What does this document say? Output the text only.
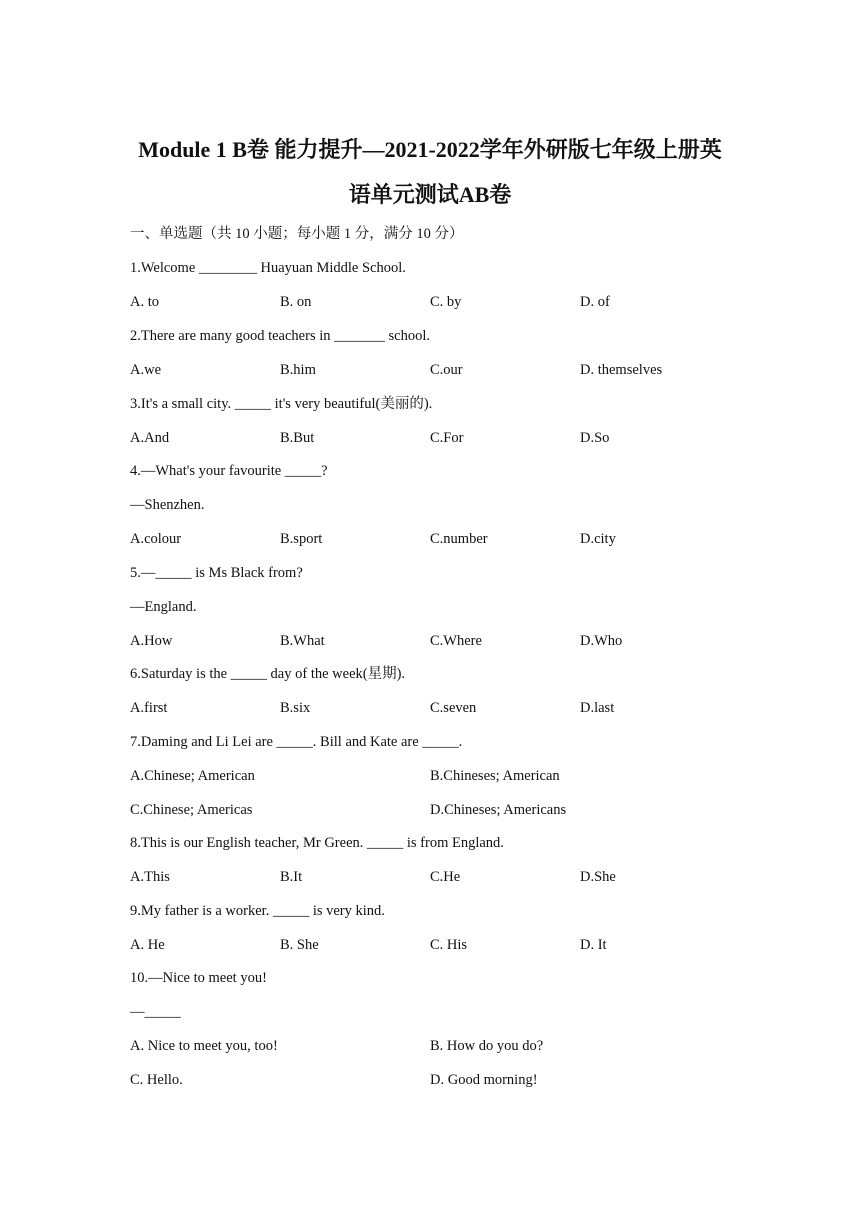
Module 1 B卷 能力提升—2021-2022学年外研版七年级上册英
语单元测试AB卷
一、单选题（共 10 小题；每小题 1 分，满分 10 分）
1.Welcome ________ Huayuan Middle School.
A. to	B. on	C. by	D. of
2.There are many good teachers in _______ school.
A.we	B.him	C.our	D. themselves
3.It's a small city. _____ it's very beautiful(美丽的).
A.And	B.But	C.For	D.So
4.—What's your favourite _____?
—Shenzhen.
A.colour	B.sport	C.number	D.city
5.—_____ is Ms Black from?
—England.
A.How	B.What	C.Where	D.Who
6.Saturday is the _____ day of the week(星期).
A.first	B.six	C.seven	D.last
7.Daming and Li Lei are _____. Bill and Kate are _____.
A.Chinese; American	B.Chineses; American
C.Chinese; Americas	D.Chineses; Americans
8.This is our English teacher, Mr Green. _____ is from England.
A.This	B.It	C.He	D.She
9.My father is a worker. _____ is very kind.
A. He	B. She	C. His	D. It
10.—Nice to meet you!
—_____
A. Nice to meet you, too!	B. How do you do?
C. Hello.	D. Good morning!
